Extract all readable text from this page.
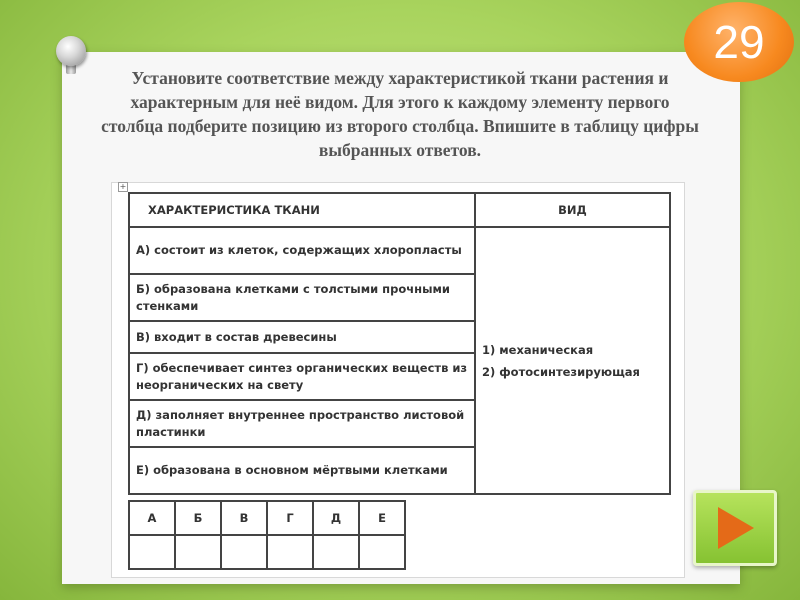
29
Установите соответствие между характеристикой ткани растения и характерным для неё видом. Для этого к каждому элементу первого столбца подберите позицию из второго столбца. Впишите в таблицу цифры выбранных ответов.
+
ХАРАКТЕРИСТИКА ТКАНИ	ВИД
А) состоит из клеток, содержащих хлоропласты	1) механическая
2) фотосинтезирующая

Б) образована клетками с толстыми прочными стенками	
В) входит в состав древесины	
Г) обеспечивает синтез органических веществ из неорганических на свету	
Д) заполняет внутреннее пространство листовой пластинки	
Е) образована в основном мёртвыми клетками	
А	Б	В	Г	Д	Е
